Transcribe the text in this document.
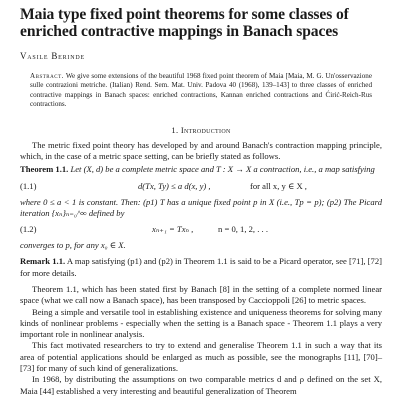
Maia type fixed point theorems for some classes of enriched contractive mappings in Banach spaces
Vasile Berinde
Abstract. We give some extensions of the beautiful 1968 fixed point theorem of Maia [Maia, M. G. Un'osservazione sulle contrazioni metriche. (Italian) Rend. Sem. Mat. Univ. Padova 40 (1968), 139–143] to three classes of enriched contractive mappings in Banach spaces: enriched contractions, Kannan enriched contractions and Ćirić-Reich-Rus contractions.
1. Introduction

The metric fixed point theory has developed by and around Banach's contraction mapping principle, which, in the case of a metric space setting, can be briefly stated as follows.

Theorem 1.1. Let (X, d) be a complete metric space and T : X → X a contraction, i.e., a map satisfying

(1.1)	d(Tx, Ty) ≤ a d(x, y) ,	for all x, y ∈ X ,

where 0 ≤ a < 1 is constant. Then: (p1) T has a unique fixed point p in X (i.e., Tp = p); (p2) The Picard iteration {xₙ}ₙ₌₀^∞ defined by

(1.2)	xₙ₊₁ = Txₙ ,	n = 0, 1, 2, . . .

converges to p, for any x₀ ∈ X.

Remark 1.1. A map satisfying (p1) and (p2) in Theorem 1.1 is said to be a Picard operator, see [71], [72] for more details.

Theorem 1.1, which has been stated first by Banach [8] in the setting of a complete normed linear space (what we call now a Banach space), has been transposed by Caccioppoli [26] to metric spaces.

Being a simple and versatile tool in establishing existence and uniqueness theorems for solving many kinds of nonlinear problems - especially when the setting is a Banach space - Theorem 1.1 plays a very important role in nonlinear analysis.

This fact motivated researchers to try to extend and generalise Theorem 1.1 in such a way that its area of potential applications should be enlarged as much as possible, see the monographs [11], [70]–[73] for many of such kind of generalizations.

In 1968, by distributing the assumptions on two comparable metrics d and ρ defined on the set X, Maia [44] established a very interesting and beautiful generalization of Theorem
